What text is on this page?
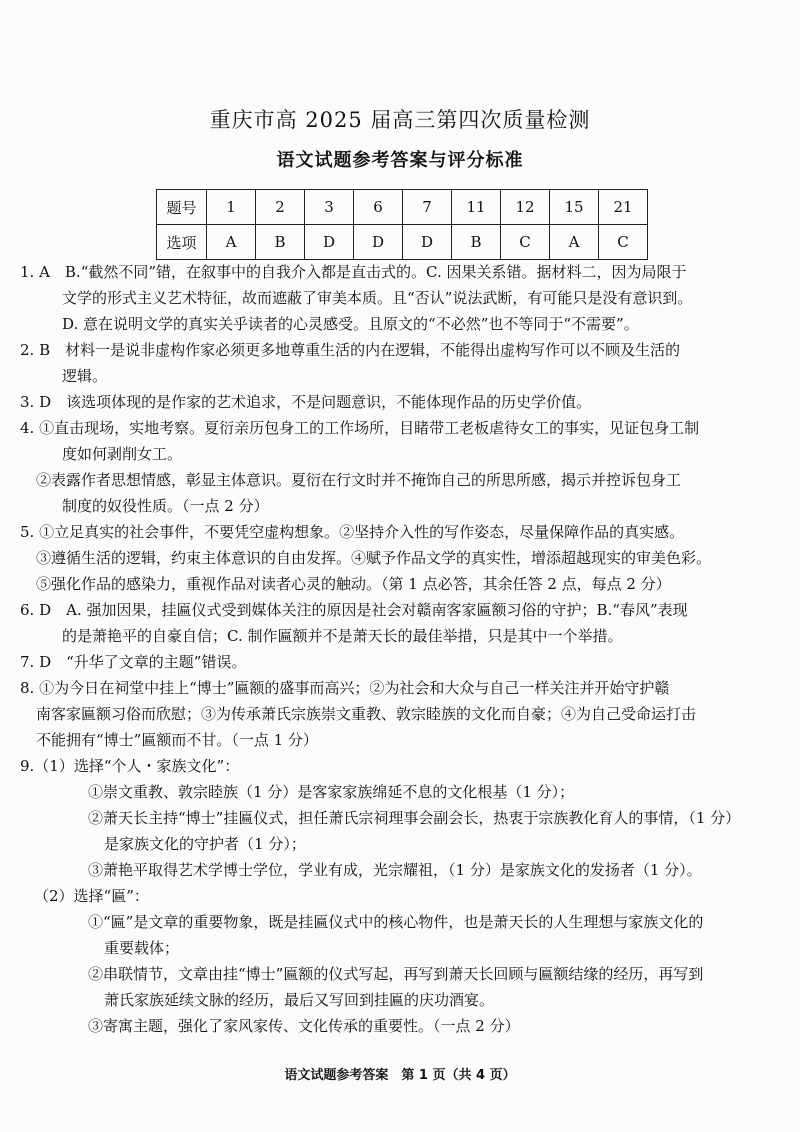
重庆市高 2025 届高三第四次质量检测
语文试题参考答案与评分标准
题号	1	2	3	6	7	11	12	15	21
选项	A	B	D	D	D	B	C	A	C
1. A　B.“截然不同”错，在叙事中的自我介入都是直击式的。C. 因果关系错。据材料二，因为局限于
文学的形式主义艺术特征，故而遮蔽了审美本质。且“否认”说法武断，有可能只是没有意识到。
D. 意在说明文学的真实关乎读者的心灵感受。且原文的“不必然”也不等同于“不需要”。
2. B　材料一是说非虚构作家必须更多地尊重生活的内在逻辑，不能得出虚构写作可以不顾及生活的
逻辑。
3. D　该选项体现的是作家的艺术追求，不是问题意识，不能体现作品的历史学价值。
4. ①直击现场，实地考察。夏衍亲历包身工的工作场所，目睹带工老板虐待女工的事实，见证包身工制
度如何剥削女工。
②表露作者思想情感，彰显主体意识。夏衍在行文时并不掩饰自己的所思所感，揭示并控诉包身工
制度的奴役性质。（一点 2 分）
5. ①立足真实的社会事件，不要凭空虚构想象。②坚持介入性的写作姿态，尽量保障作品的真实感。
③遵循生活的逻辑，约束主体意识的自由发挥。④赋予作品文学的真实性，增添超越现实的审美色彩。
⑤强化作品的感染力，重视作品对读者心灵的触动。（第 1 点必答，其余任答 2 点，每点 2 分）
6. D　A. 强加因果，挂匾仪式受到媒体关注的原因是社会对赣南客家匾额习俗的守护；B.“春风”表现
的是萧艳平的自豪自信；C. 制作匾额并不是萧天长的最佳举措，只是其中一个举措。
7. D　“升华了文章的主题”错误。
8. ①为今日在祠堂中挂上“博士”匾额的盛事而高兴；②为社会和大众与自己一样关注并开始守护赣
南客家匾额习俗而欣慰；③为传承萧氏宗族崇文重教、敦宗睦族的文化而自豪；④为自己受命运打击
不能拥有“博士”匾额而不甘。（一点 1 分）
9.（1）选择“个人・家族文化”：
①崇文重教、敦宗睦族（1 分）是客家家族绵延不息的文化根基（1 分）；
②萧天长主持“博士”挂匾仪式，担任萧氏宗祠理事会副会长，热衷于宗族教化育人的事情，（1 分）
是家族文化的守护者（1 分）；
③萧艳平取得艺术学博士学位，学业有成，光宗耀祖，（1 分）是家族文化的发扬者（1 分）。
（2）选择“匾”：
①“匾”是文章的重要物象，既是挂匾仪式中的核心物件，也是萧天长的人生理想与家族文化的
重要载体；
②串联情节，文章由挂“博士”匾额的仪式写起，再写到萧天长回顾与匾额结缘的经历，再写到
萧氏家族延续文脉的经历，最后又写回到挂匾的庆功酒宴。
③寄寓主题，强化了家风家传、文化传承的重要性。（一点 2 分）
语文试题参考答案　第 1 页（共 4 页）
